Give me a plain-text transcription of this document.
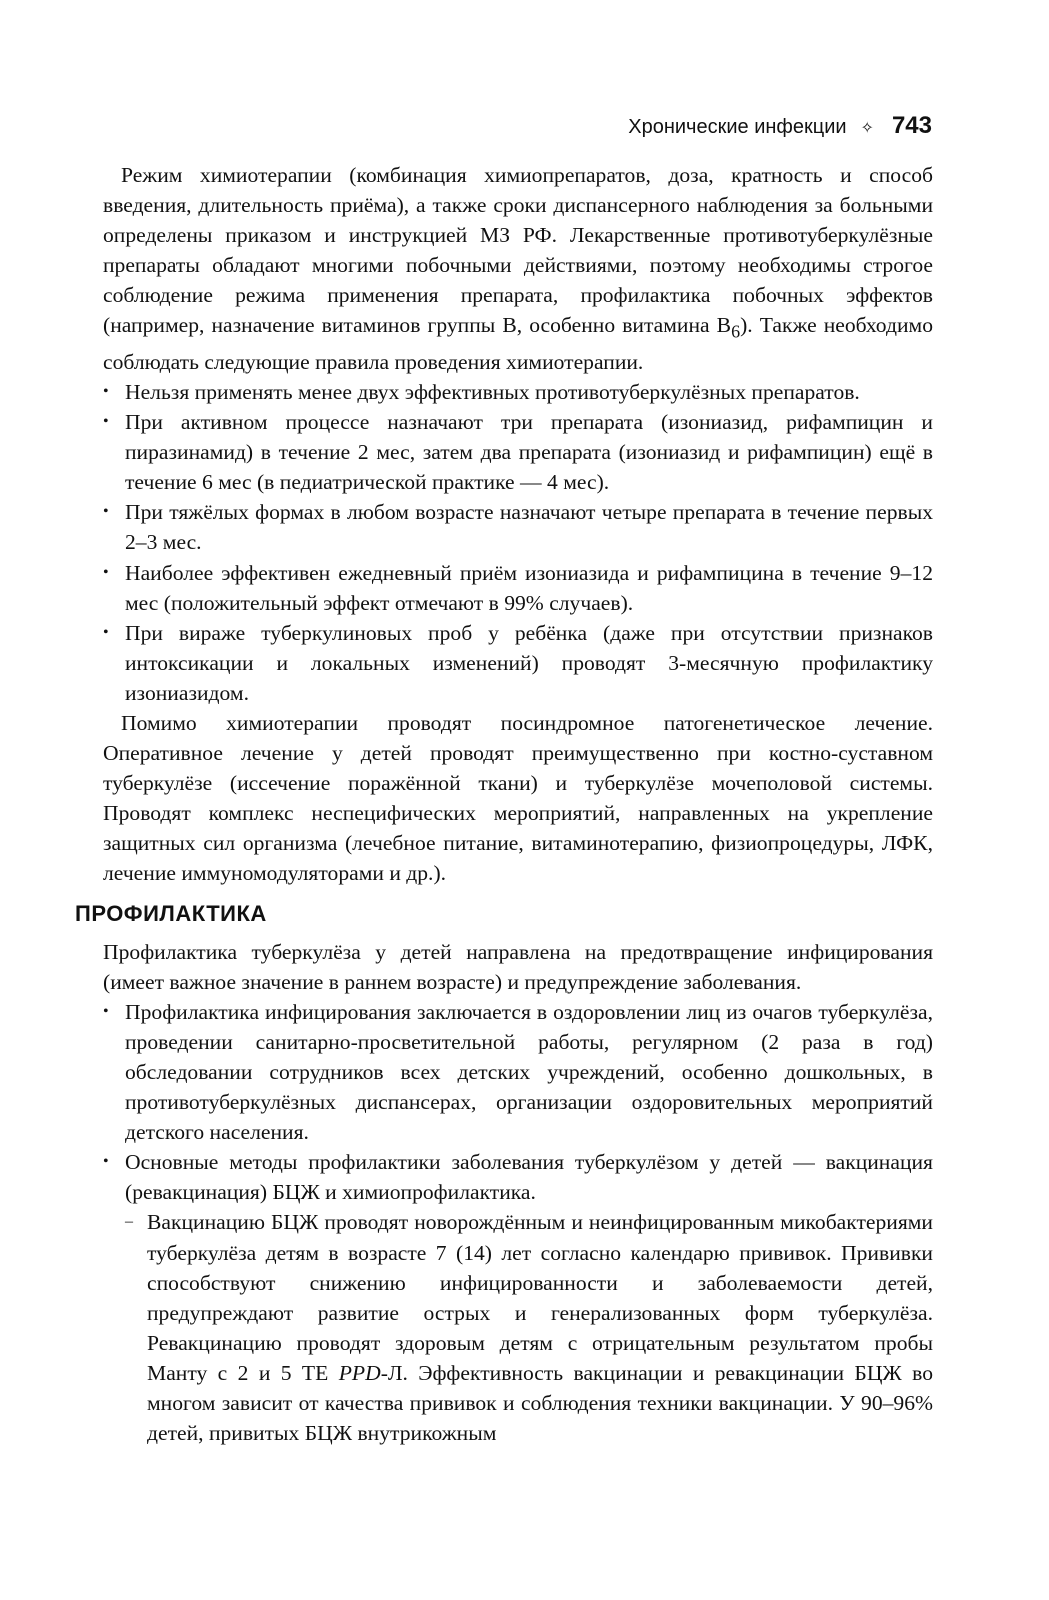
Хронические инфекции ✧ 743

Режим химиотерапии (комбинация химиопрепаратов, доза, кратность и способ введения, длительность приёма), а также сроки диспансерного наблюдения за больными определены приказом и инструкцией МЗ РФ. Лекарственные противотуберкулёзные препараты обладают многими побочными действиями, поэтому необходимы строгое соблюдение режима применения препарата, профилактика побочных эффектов (например, назначение витаминов группы В, особенно витамина $В_6$). Также необходимо соблюдать следующие правила проведения химиотерапии.

• Нельзя применять менее двух эффективных противотуберкулёзных препаратов.
• При активном процессе назначают три препарата (изониазид, рифампицин и пиразинамид) в течение 2 мес, затем два препарата (изониазид и рифампицин) ещё в течение 6 мес (в педиатрической практике — 4 мес).
• При тяжёлых формах в любом возрасте назначают четыре препарата в течение первых 2–3 мес.
• Наиболее эффективен ежедневный приём изониазида и рифампицина в течение 9–12 мес (положительный эффект отмечают в 99% случаев).
• При вираже туберкулиновых проб у ребёнка (даже при отсутствии признаков интоксикации и локальных изменений) проводят 3-месячную профилактику изониазидом.

Помимо химиотерапии проводят посиндромное патогенетическое лечение. Оперативное лечение у детей проводят преимущественно при костно-суставном туберкулёзе (иссечение поражённой ткани) и туберкулёзе мочеполовой системы. Проводят комплекс неспецифических мероприятий, направленных на укрепление защитных сил организма (лечебное питание, витаминотерапию, физиопроцедуры, ЛФК, лечение иммуномодуляторами и др.).

ПРОФИЛАКТИКА

Профилактика туберкулёза у детей направлена на предотвращение инфицирования (имеет важное значение в раннем возрасте) и предупреждение заболевания.

• Профилактика инфицирования заключается в оздоровлении лиц из очагов туберкулёза, проведении санитарно-просветительной работы, регулярном (2 раза в год) обследовании сотрудников всех детских учреждений, особенно дошкольных, в противотуберкулёзных диспансерах, организации оздоровительных мероприятий детского населения.
• Основные методы профилактики заболевания туберкулёзом у детей — вакцинация (ревакцинация) БЦЖ и химиопрофилактика.
– Вакцинацию БЦЖ проводят новорождённым и неинфицированным микобактериями туберкулёза детям в возрасте 7 (14) лет согласно календарю прививок. Прививки способствуют снижению инфицированности и заболеваемости детей, предупреждают развитие острых и генерализованных форм туберкулёза. Ревакцинацию проводят здоровым детям с отрицательным результатом пробы Манту с 2 и 5 ТЕ PPD-Л. Эффективность вакцинации и ревакцинации БЦЖ во многом зависит от качества прививок и соблюдения техники вакцинации. У 90–96% детей, привитых БЦЖ внутрикожным
